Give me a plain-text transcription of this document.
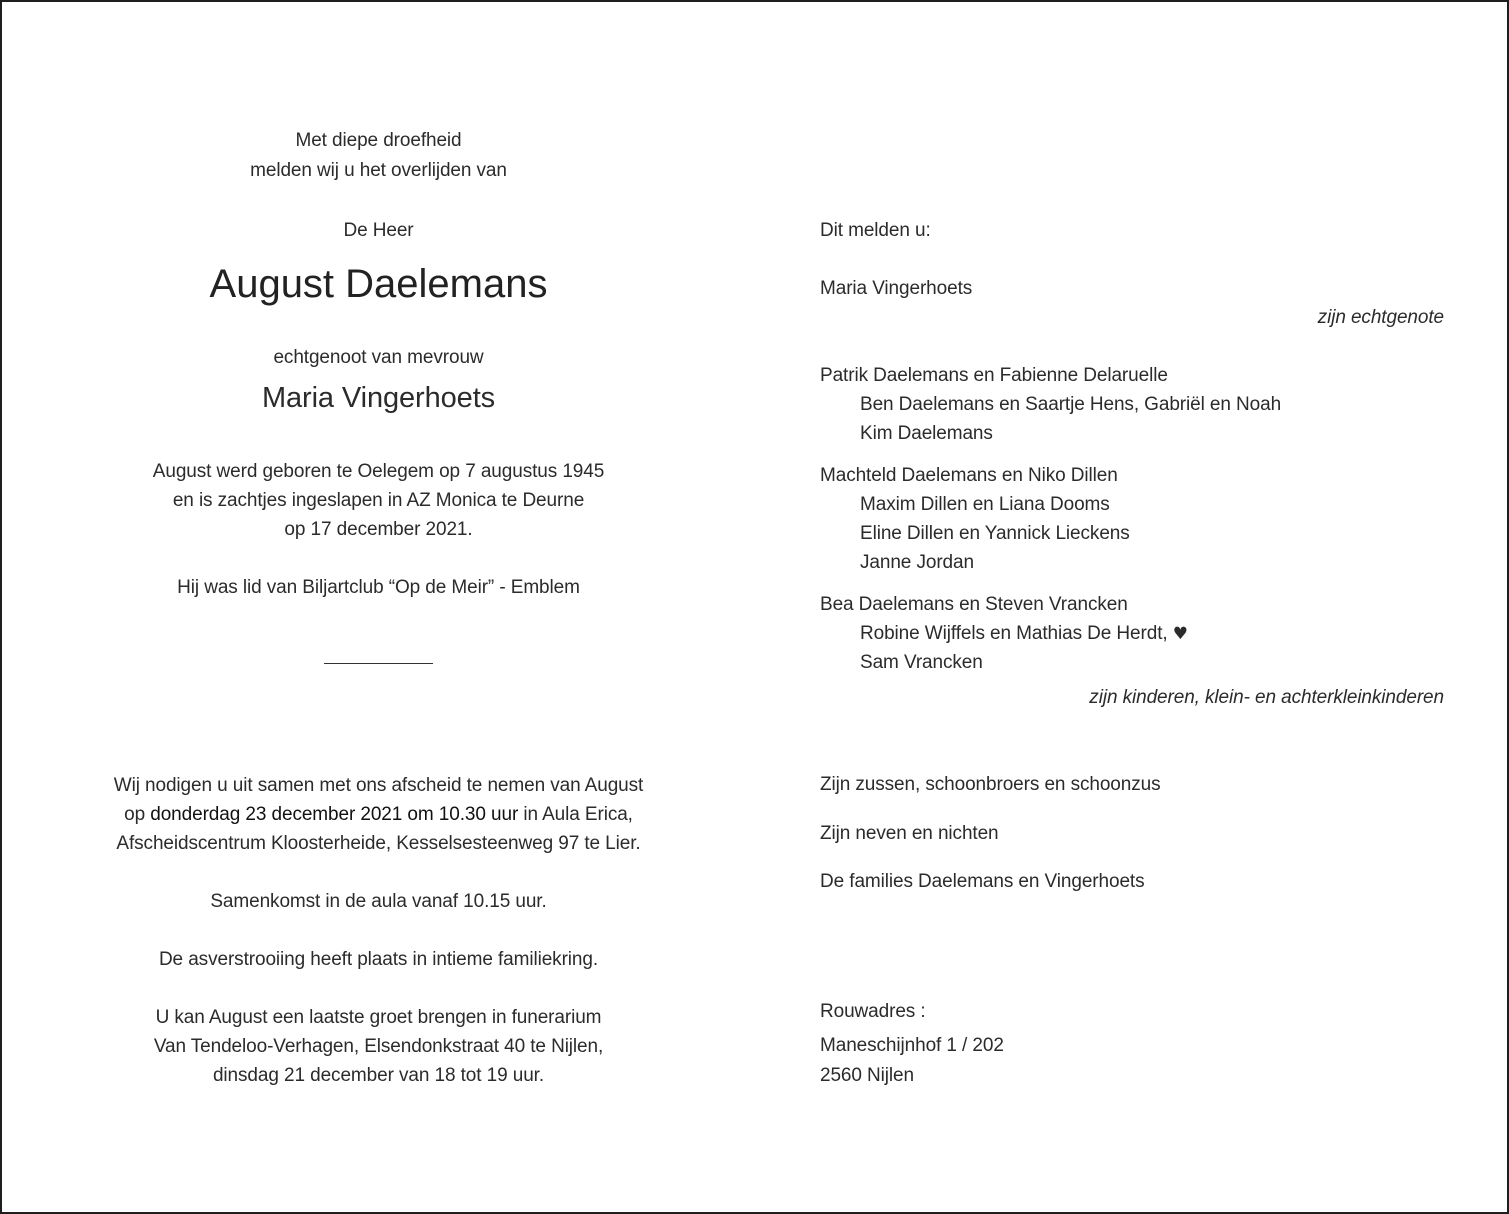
Met diepe droefheid
melden wij u het overlijden van
De Heer
August Daelemans
echtgenoot van mevrouw
Maria Vingerhoets
August werd geboren te Oelegem op 7 augustus 1945
en is zachtjes ingeslapen in AZ Monica te Deurne
op 17 december 2021.
Hij was lid van Biljartclub “Op de Meir” - Emblem
Wij nodigen u uit samen met ons afscheid te nemen van August
op donderdag 23 december 2021 om 10.30 uur in Aula Erica,
Afscheidscentrum Kloosterheide, Kesselsesteenweg 97 te Lier.
Samenkomst in de aula vanaf 10.15 uur.
De asverstrooiing heeft plaats in intieme familiekring.
U kan August een laatste groet brengen in funerarium
Van Tendeloo-Verhagen, Elsendonkstraat 40 te Nijlen,
dinsdag 21 december van 18 tot 19 uur.
Dit melden u:
Maria Vingerhoets
zijn echtgenote
Patrik Daelemans en Fabienne Delaruelle
Ben Daelemans en Saartje Hens, Gabriël en Noah
Kim Daelemans
Machteld Daelemans en Niko Dillen
Maxim Dillen en Liana Dooms
Eline Dillen en Yannick Lieckens
Janne Jordan
Bea Daelemans en Steven Vrancken
Robine Wijffels en Mathias De Herdt, ♥
Sam Vrancken
zijn kinderen, klein- en achterkleinkinderen
Zijn zussen, schoonbroers en schoonzus
Zijn neven en nichten
De families Daelemans en Vingerhoets
Rouwadres :
Maneschijnhof 1 / 202
2560 Nijlen
